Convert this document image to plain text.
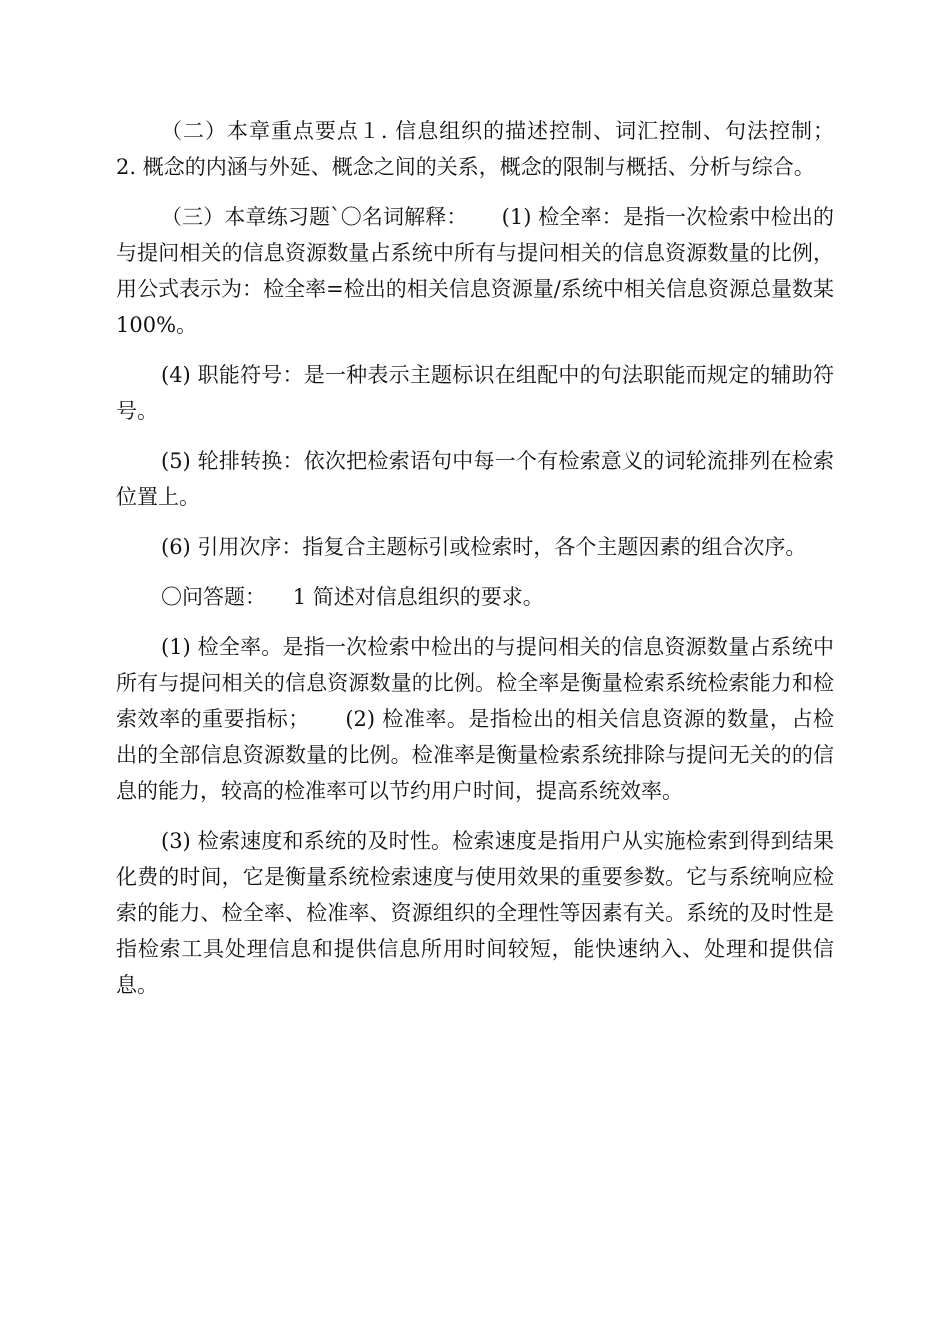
（二）本章重点要点１. 信息组织的描述控制、词汇控制、句法控制；        2. 概念的内涵与外延、概念之间的关系，概念的限制与概括、分析与综合。

（三）本章练习题`〇名词解释：     (1) 检全率：是指一次检索中检出的与提问相关的信息资源数量占系统中所有与提问相关的信息资源数量的比例，用公式表示为：检全率=检出的相关信息资源量/系统中相关信息资源总量数某100%。

(4) 职能符号：是一种表示主题标识在组配中的句法职能而规定的辅助符号。

(5) 轮排转换：依次把检索语句中每一个有检索意义的词轮流排列在检索位置上。

(6) 引用次序：指复合主题标引或检索时，各个主题因素的组合次序。

〇问答题：    1 简述对信息组织的要求。

(1) 检全率。是指一次检索中检出的与提问相关的信息资源数量占系统中所有与提问相关的信息资源数量的比例。检全率是衡量检索系统检索能力和检索效率的重要指标；     (2) 检准率。是指检出的相关信息资源的数量，占检出的全部信息资源数量的比例。检准率是衡量检索系统排除与提问无关的的信息的能力，较高的检准率可以节约用户时间，提高系统效率。

(3) 检索速度和系统的及时性。检索速度是指用户从实施检索到得到结果化费的时间，它是衡量系统检索速度与使用效果的重要参数。它与系统响应检索的能力、检全率、检准率、资源组织的全理性等因素有关。系统的及时性是指检索工具处理信息和提供信息所用时间较短，能快速纳入、处理和提供信息。
